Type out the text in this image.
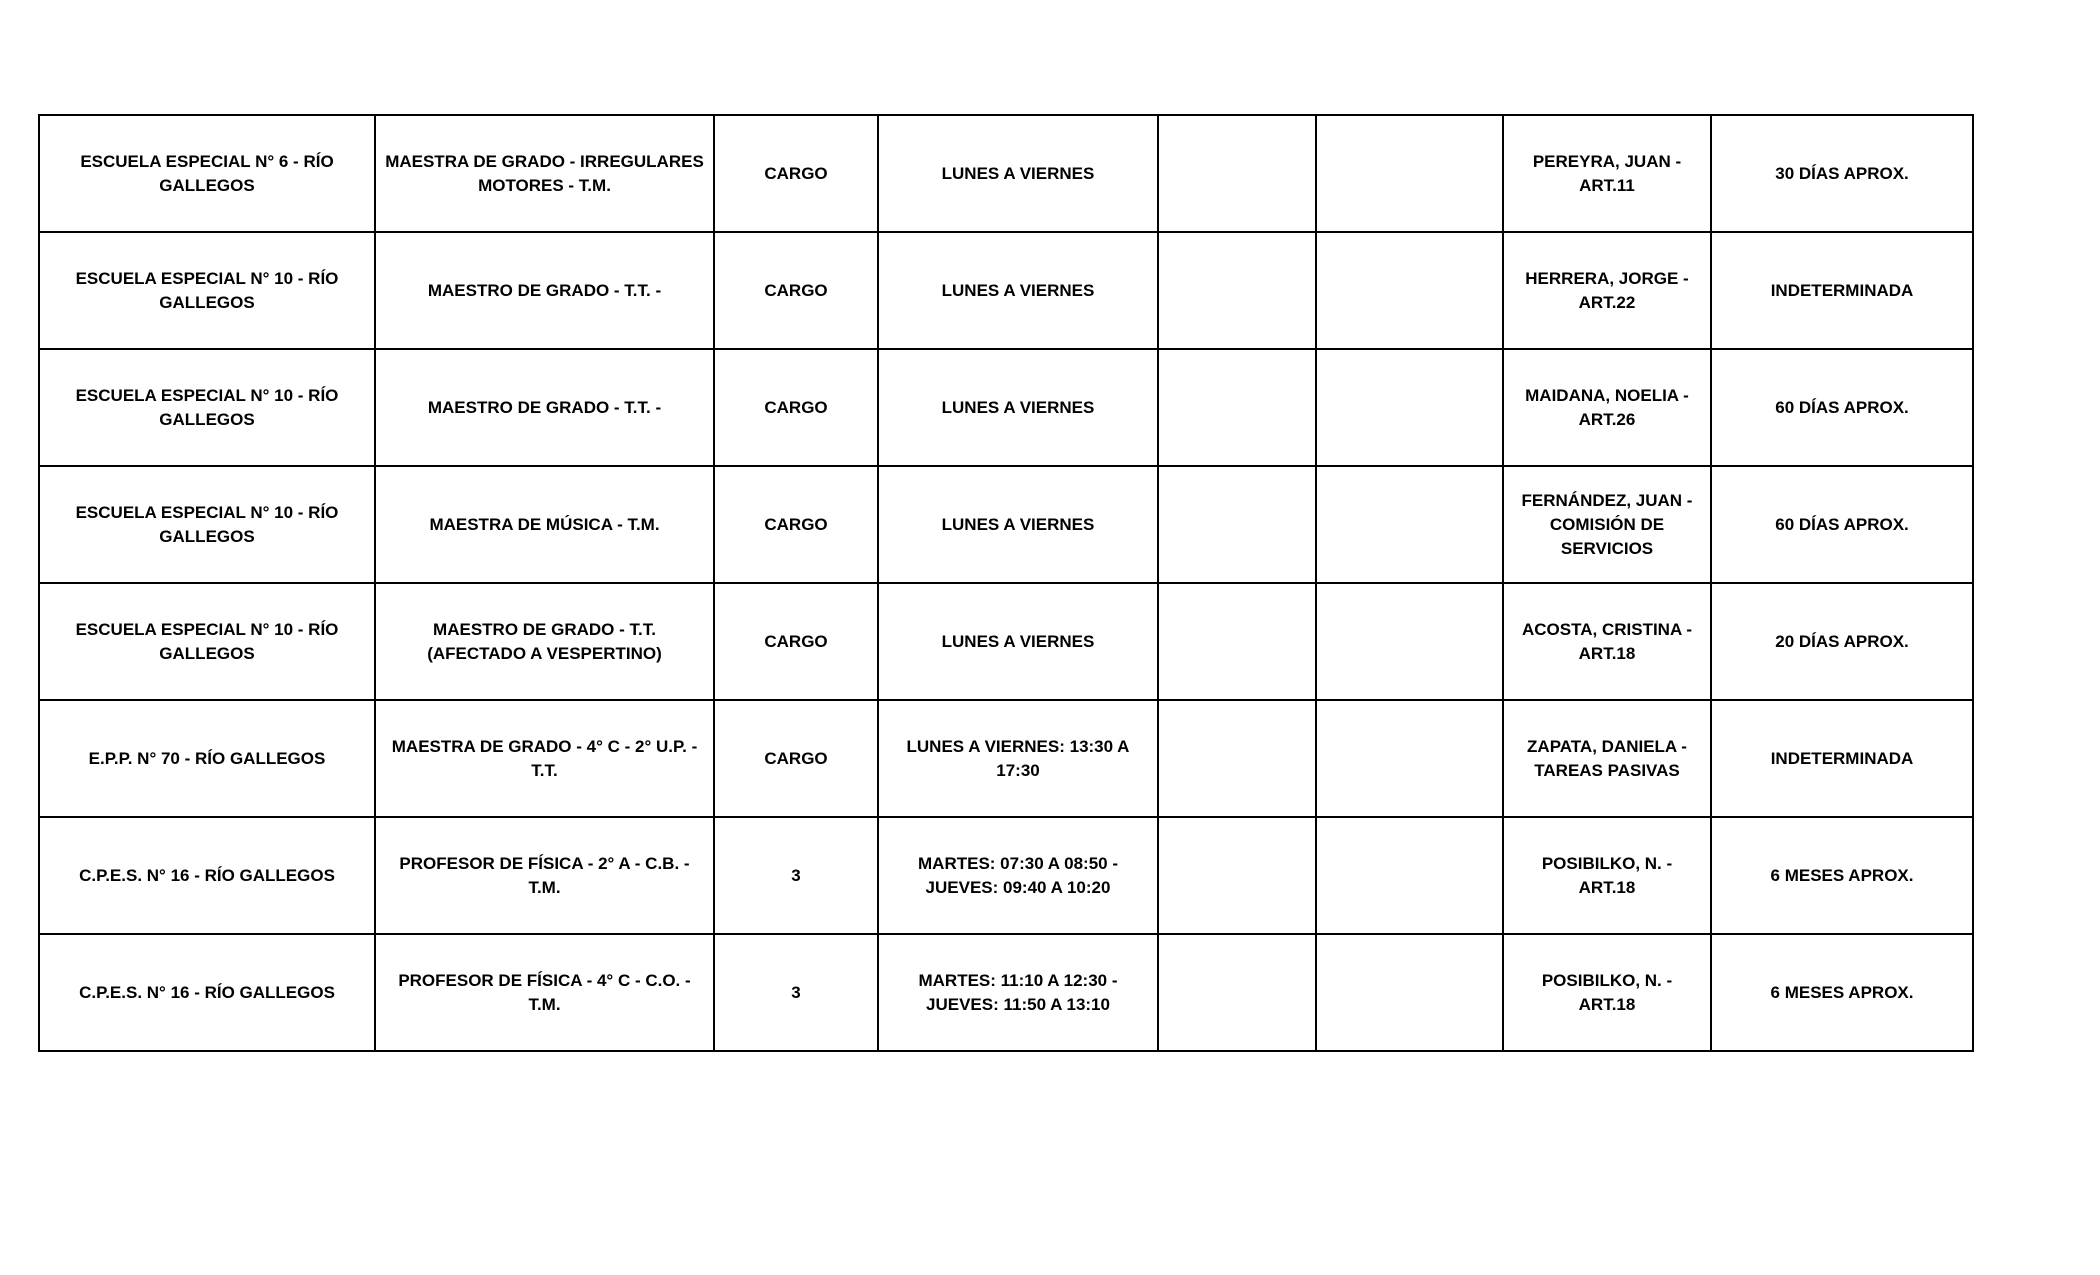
ESCUELA ESPECIAL N° 6 - RÍO GALLEGOS	MAESTRA DE GRADO - IRREGULARES MOTORES - T.M.	CARGO	LUNES A VIERNES			PEREYRA, JUAN - ART.11	30 DÍAS APROX.
ESCUELA ESPECIAL N° 10 - RÍO GALLEGOS	MAESTRO DE GRADO - T.T. -	CARGO	LUNES A VIERNES			HERRERA, JORGE - ART.22	INDETERMINADA
ESCUELA ESPECIAL N° 10 - RÍO GALLEGOS	MAESTRO DE GRADO - T.T. -	CARGO	LUNES A VIERNES			MAIDANA, NOELIA - ART.26	60 DÍAS APROX.
ESCUELA ESPECIAL N° 10 - RÍO GALLEGOS	MAESTRA DE MÚSICA - T.M.	CARGO	LUNES A VIERNES			FERNÁNDEZ, JUAN - COMISIÓN DE SERVICIOS	60 DÍAS APROX.
ESCUELA ESPECIAL N° 10 - RÍO GALLEGOS	MAESTRO DE GRADO - T.T. (AFECTADO A VESPERTINO)	CARGO	LUNES A VIERNES			ACOSTA, CRISTINA - ART.18	20 DÍAS APROX.
E.P.P. N° 70 - RÍO GALLEGOS	MAESTRA DE GRADO - 4° C - 2° U.P. - T.T.	CARGO	LUNES A VIERNES: 13:30 A 17:30			ZAPATA, DANIELA - TAREAS PASIVAS	INDETERMINADA
C.P.E.S. N° 16 - RÍO GALLEGOS	PROFESOR DE FÍSICA - 2° A - C.B. - T.M.	3	MARTES: 07:30 A 08:50 - JUEVES: 09:40 A 10:20			POSIBILKO, N. - ART.18	6 MESES APROX.
C.P.E.S. N° 16 - RÍO GALLEGOS	PROFESOR DE FÍSICA - 4° C - C.O. - T.M.	3	MARTES: 11:10 A 12:30 - JUEVES: 11:50 A 13:10			POSIBILKO, N. - ART.18	6 MESES APROX.
